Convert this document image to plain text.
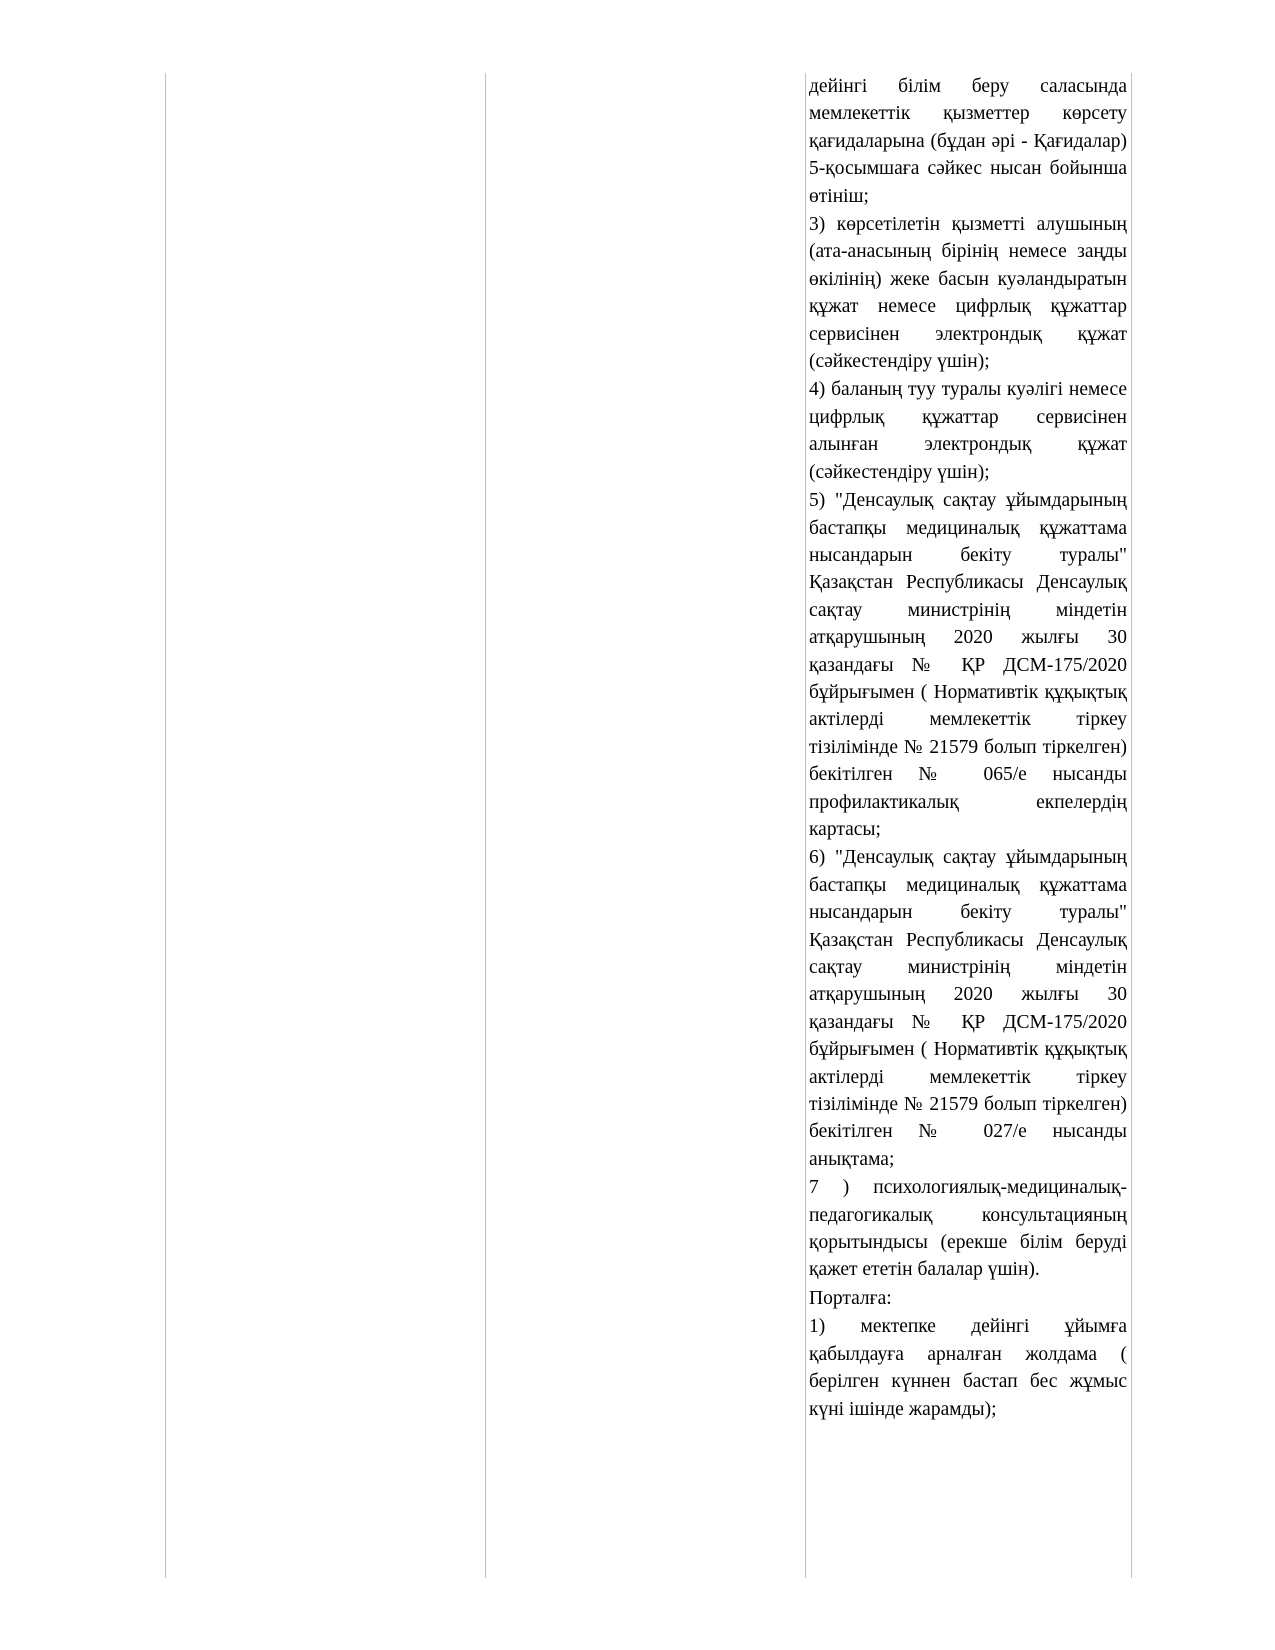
дейінгі білім беру саласында мемлекеттік қызметтер көрсету қағидаларына (бұдан әрі - Қағидалар) 5-қосымшаға сәйкес нысан бойынша өтініш;

3) көрсетілетін қызметті алушының (ата-анасының бірінің немесе заңды өкілінің) жеке басын куәландыратын құжат немесе цифрлық құжаттар сервисінен электрондық құжат (сәйкестендіру үшін);

4) баланың туу туралы куәлігі немесе цифрлық құжаттар сервисінен алынған электрондық құжат (сәйкестендіру үшін);

5) "Денсаулық сақтау ұйымдарының бастапқы медициналық құжаттама нысандарын бекіту туралы" Қазақстан Республикасы Денсаулық сақтау министрінің міндетін атқарушының 2020 жылғы 30 қазандағы № ҚР ДСМ-175/2020 бұйрығымен ( Нормативтік құқықтық актілерді мемлекеттік тіркеу тізілімінде № 21579 болып тіркелген) бекітілген № 065/е нысанды профилактикалық екпелердің картасы;

6) "Денсаулық сақтау ұйымдарының бастапқы медициналық құжаттама нысандарын бекіту туралы" Қазақстан Республикасы Денсаулық сақтау министрінің міндетін атқарушының 2020 жылғы 30 қазандағы № ҚР ДСМ-175/2020 бұйрығымен ( Нормативтік құқықтық актілерді мемлекеттік тіркеу тізілімінде № 21579 болып тіркелген) бекітілген № 027/е нысанды анықтама;

7 ) психологиялық-медициналық-педагогикалық консультацияның қорытындысы (ерекше білім беруді қажет ететін балалар үшін).

Порталға:

1) мектепке дейінгі ұйымға қабылдауға арналған жолдама ( берілген күннен бастап бес жұмыс күні ішінде жарамды);
